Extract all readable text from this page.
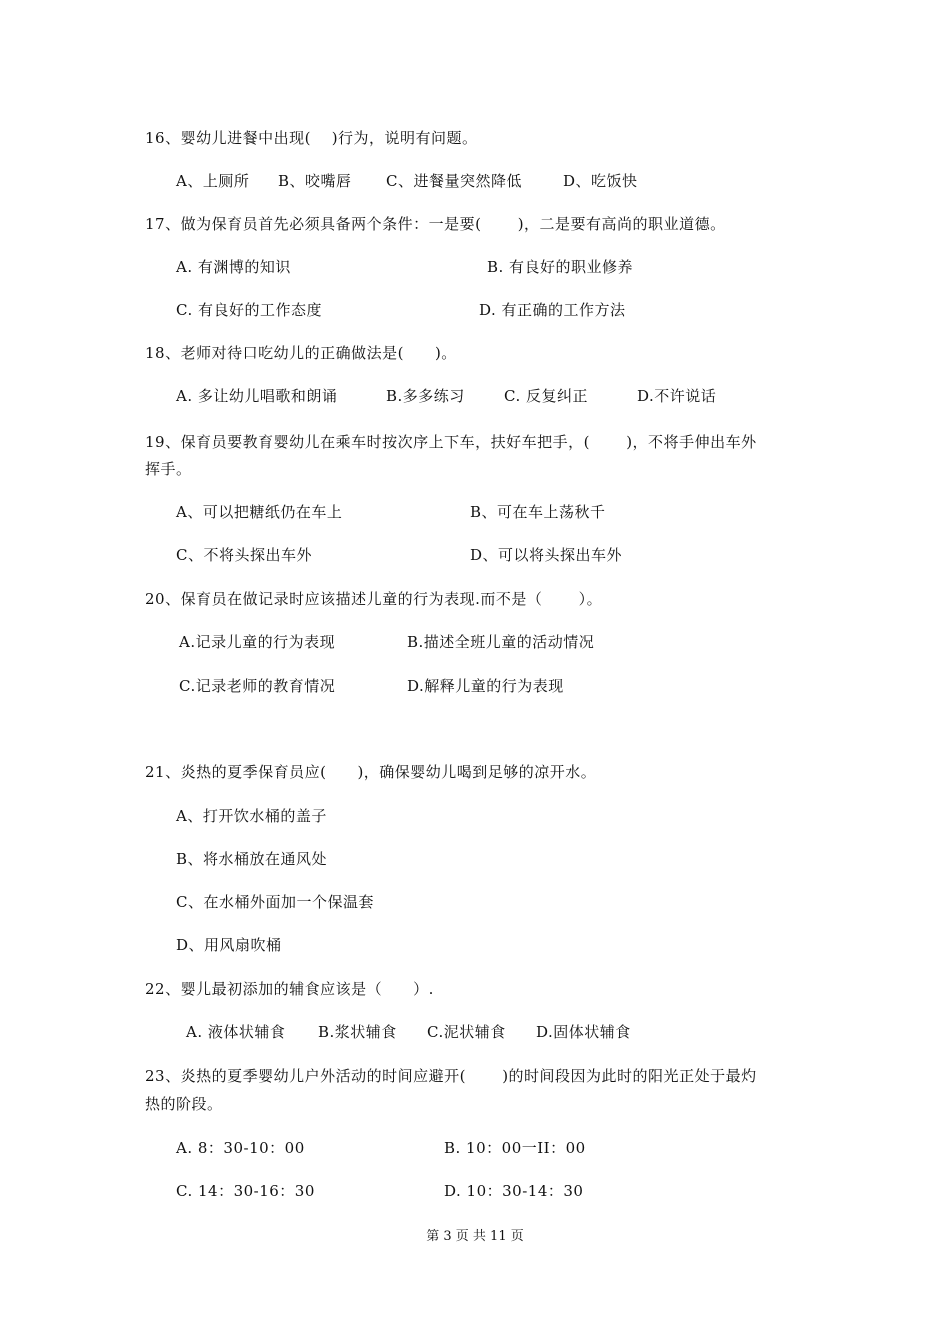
16、婴幼儿进餐中出现(　 )行为，说明有问题。
A、上厕所 B、咬嘴唇 C、进餐量突然降低	D、吃饭快
17、做为保育员首先必须具备两个条件：一是要(　　 )，二是要有高尚的职业道德。
A. 有渊博的知识	B. 有良好的职业修养
C. 有良好的工作态度	D. 有正确的工作方法
18、老师对待口吃幼儿的正确做法是(　　)。
A. 多让幼儿唱歌和朗诵	B.多多练习	C. 反复纠正	D.不许说话
19、保育员要教育婴幼儿在乘车时按次序上下车，扶好车把手，(　　 )，不将手伸出车外
挥手。
A、可以把糖纸仍在车上	B、可在车上荡秋千
C、不将头探出车外	D、可以将头探出车外
20、保育员在做记录时应该描述儿童的行为表现.而不是（　　 ）。
A.记录儿童的行为表现	B.描述全班儿童的活动情况
C.记录老师的教育情况	D.解释儿童的行为表现
21、炎热的夏季保育员应(　　)，确保婴幼儿喝到足够的凉开水。
A、打开饮水桶的盖子
B、将水桶放在通风处
C、在水桶外面加一个保温套
D、用风扇吹桶
22、婴儿最初添加的辅食应该是（　　）.
A. 液体状辅食 B.浆状辅食 C.泥状辅食 D.固体状辅食
23、炎热的夏季婴幼儿户外活动的时间应避开(　　 )的时间段因为此时的阳光正处于最灼
热的阶段。
A. 8：30-10：00	B. 10：00一II：00
C. 14：30-16：30	D. 10：30-14：30
第 3 页 共 11 页
